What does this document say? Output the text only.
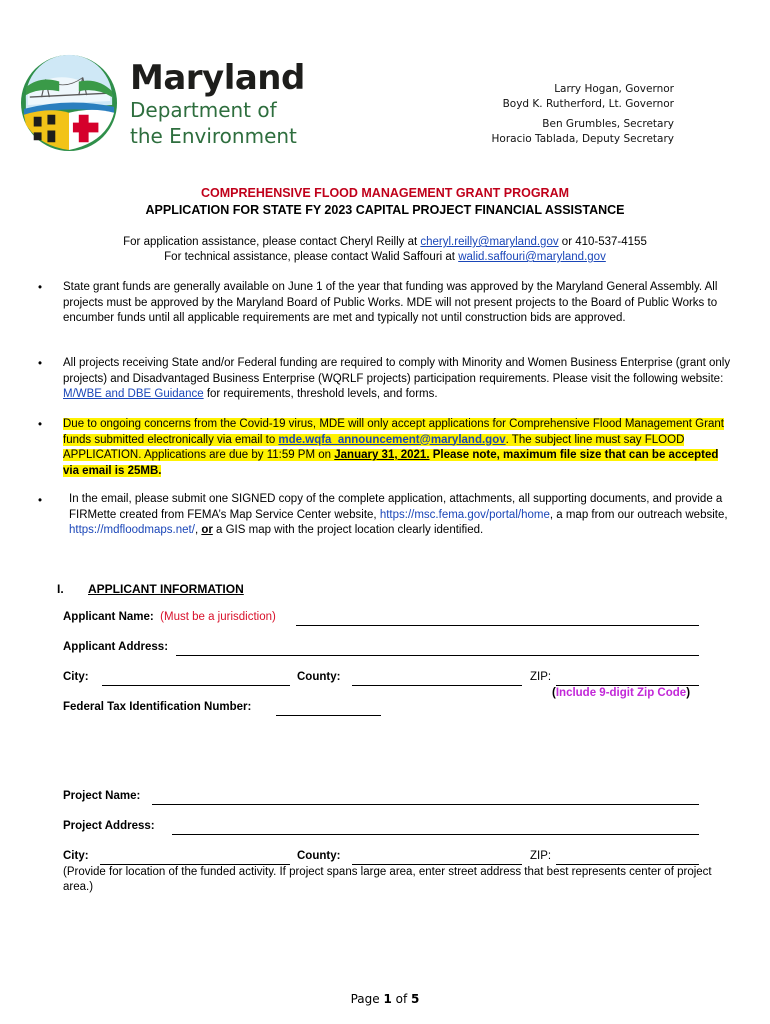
Maryland
Department of
the Environment
Larry Hogan, Governor
Boyd K. Rutherford, Lt. Governor
Ben Grumbles, Secretary
Horacio Tablada, Deputy Secretary
COMPREHENSIVE FLOOD MANAGEMENT GRANT PROGRAM
APPLICATION FOR STATE FY 2023 CAPITAL PROJECT FINANCIAL ASSISTANCE
For application assistance, please contact Cheryl Reilly at cheryl.reilly@maryland.gov or 410-537-4155
For technical assistance, please contact Walid Saffouri at walid.saffouri@maryland.gov
• State grant funds are generally available on June 1 of the year that funding was approved by the Maryland General Assembly. All projects must be approved by the Maryland Board of Public Works. MDE will not present projects to the Board of Public Works to encumber funds until all applicable requirements are met and typically not until construction bids are approved.
• All projects receiving State and/or Federal funding are required to comply with Minority and Women Business Enterprise (grant only projects) and Disadvantaged Business Enterprise (WQRLF projects) participation requirements. Please visit the following website: M/WBE and DBE Guidance for requirements, threshold levels, and forms.
• Due to ongoing concerns from the Covid-19 virus, MDE will only accept applications for Comprehensive Flood Management Grant funds submitted electronically via email to mde.wqfa_announcement@maryland.gov. The subject line must say FLOOD APPLICATION. Applications are due by 11:59 PM on January 31, 2021. Please note, maximum file size that can be accepted via email is 25MB.
• In the email, please submit one SIGNED copy of the complete application, attachments, all supporting documents, and provide a FIRMette created from FEMA’s Map Service Center website, https://msc.fema.gov/portal/home, a map from our outreach website, https://mdfloodmaps.net/, or a GIS map with the project location clearly identified.
I. APPLICANT INFORMATION
Applicant Name:  (Must be a jurisdiction)
Applicant Address:
City:	County:	ZIP:
(Include 9-digit Zip Code)
Federal Tax Identification Number:
Project Name:
Project Address:
City:	County:	ZIP:
(Provide for location of the funded activity. If project spans large area, enter street address that best represents center of project area.)
Page 1 of 5
